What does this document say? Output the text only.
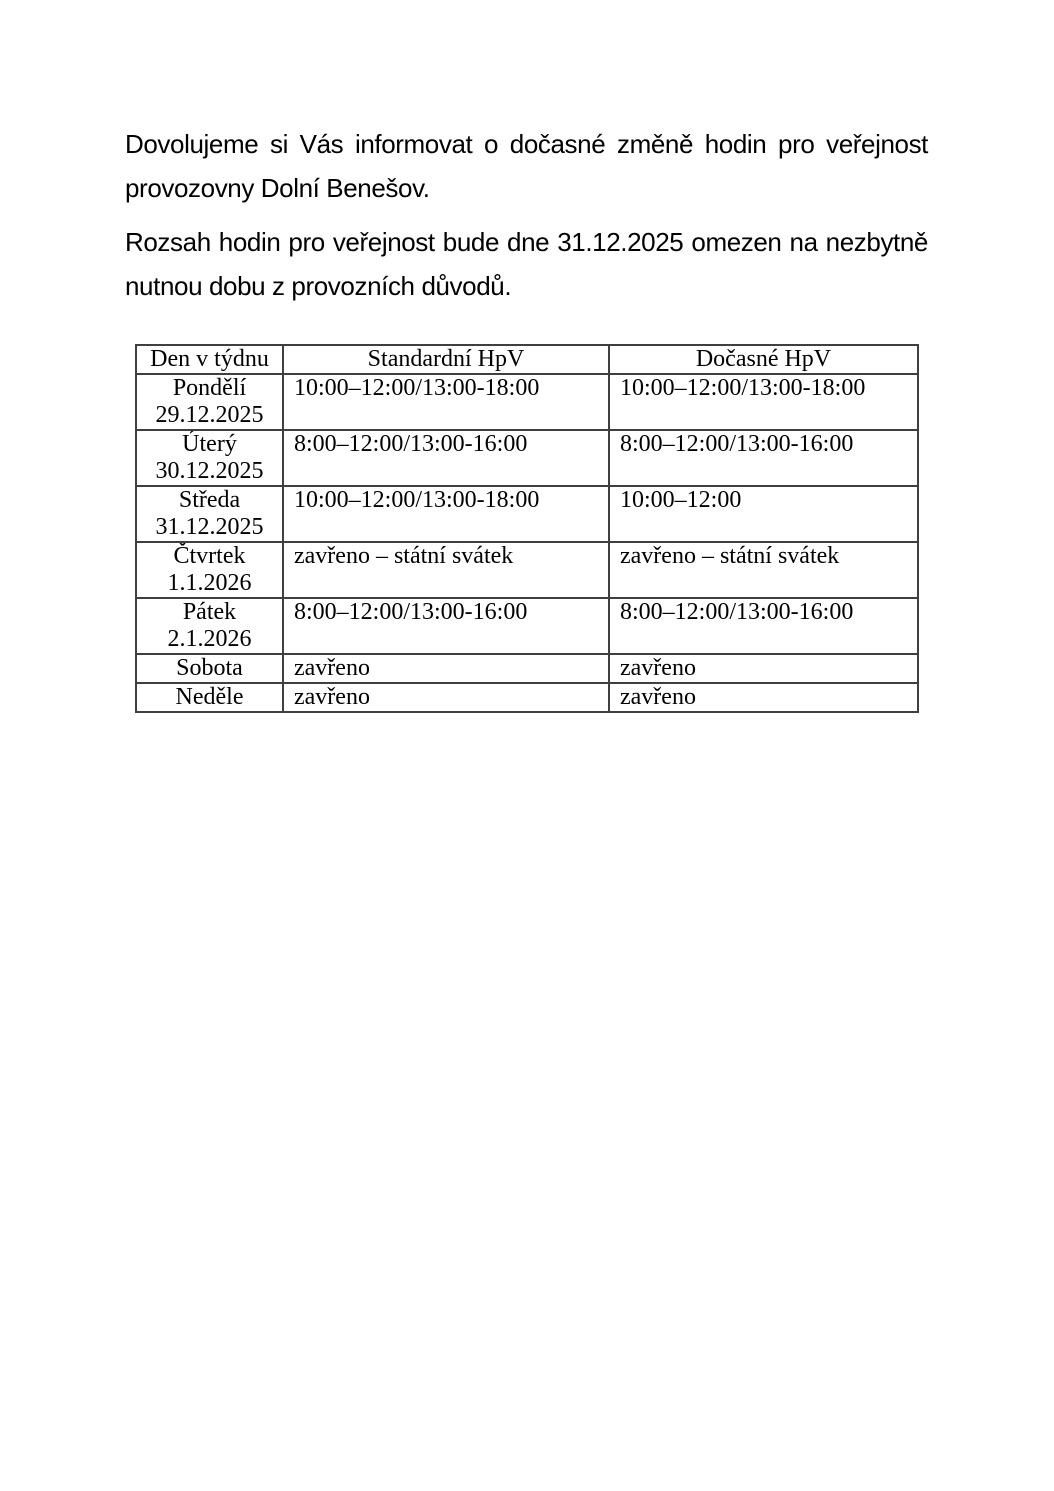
Dovolujeme si Vás informovat o dočasné změně hodin pro veřejnost
provozovny Dolní Benešov.

Rozsah hodin pro veřejnost bude dne 31.12.2025 omezen na nezbytně
nutnou dobu z provozních důvodů.

Den v týdnu	Standardní HpV	Dočasné HpV

Pondělí
29.12.2025	10:00–12:00/13:00-18:00	10:00–12:00/13:00-18:00

Úterý
30.12.2025	8:00–12:00/13:00-16:00	8:00–12:00/13:00-16:00

Středa
31.12.2025	10:00–12:00/13:00-18:00	10:00–12:00

Čtvrtek
1.1.2026	zavřeno – státní svátek	zavřeno – státní svátek

Pátek
2.1.2026	8:00–12:00/13:00-16:00	8:00–12:00/13:00-16:00

Sobota	zavřeno	zavřeno

Neděle	zavřeno	zavřeno
